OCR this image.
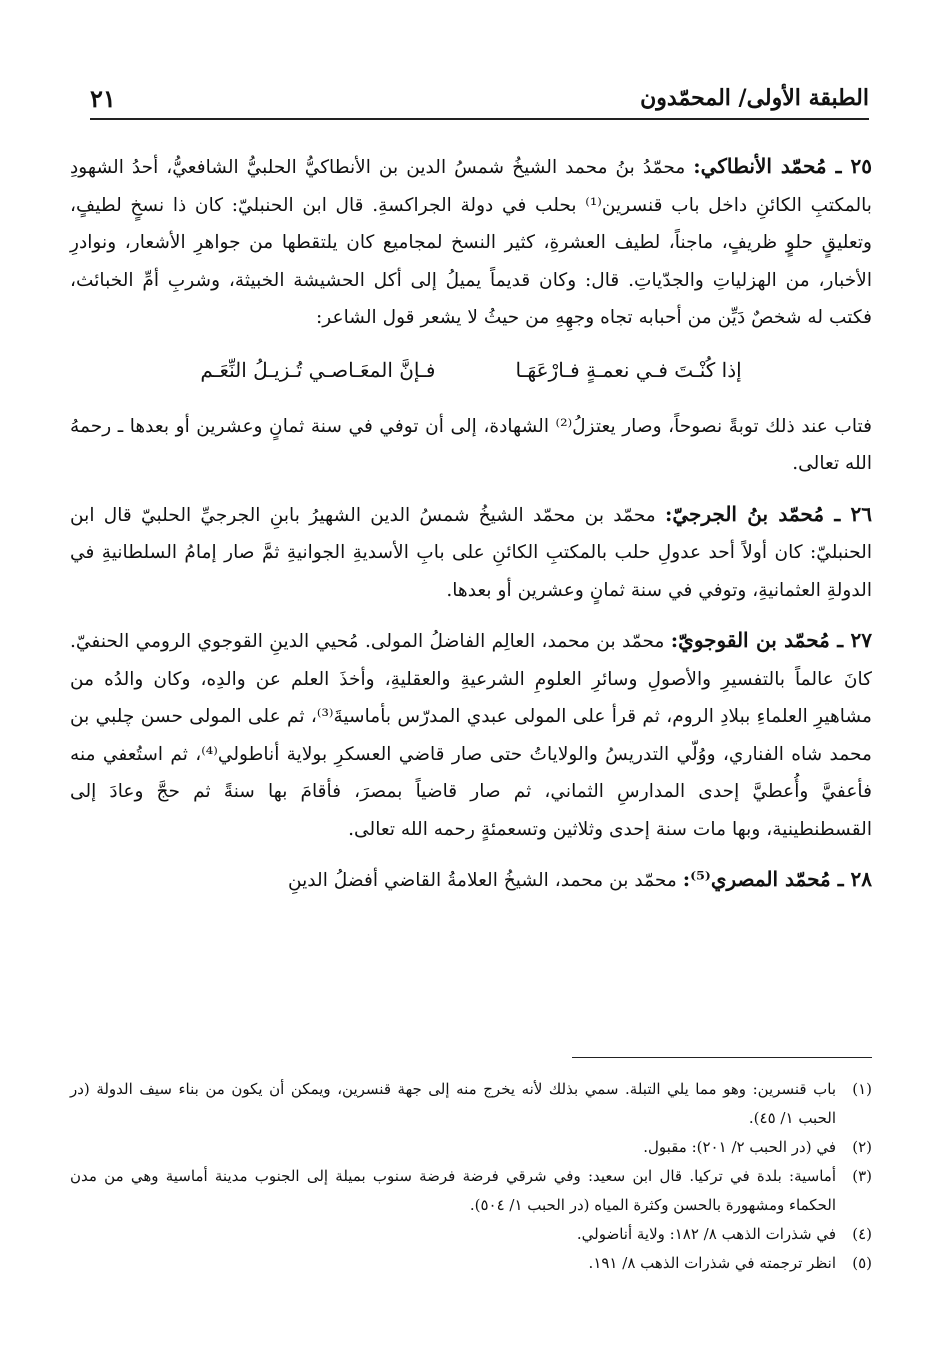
الطبقة الأولى/ المحمّدون
٢١

٢٥ ـ مُحمّد الأنطاكي: محمّدُ بنُ محمد الشيخُ شمسُ الدين بن الأنطاكيُّ الحلبيُّ الشافعيُّ، أحدُ الشهودِ بالمكتبِ الكائنِ داخل باب قنسرين⁽¹⁾ بحلب في دولة الجراكسةِ. قال ابن الحنبليّ: كان ذا نسخٍ لطيفٍ، وتعليقٍ حلوٍ ظريفٍ، ماجناً، لطيف العشرةِ، كثير النسخ لمجاميع كان يلتقطها من جواهرِ الأشعار، ونوادرِ الأخبار، من الهزلياتِ والجدّياتِ. قال: وكان قديماً يميلُ إلى أكل الحشيشة الخبيثة، وشربِ أمِّ الخبائث، فكتب له شخصٌ دَيِّن من أحبابه تجاه وجهِهِ من حيثُ لا يشعر قول الشاعر:

إذا كُنْـتَ فـي نعمـةٍ فـارْعَهَـا
فـإنَّ المعَـاصـي تُـزيـلُ النِّعَـم

فتاب عند ذلك توبةً نصوحاً، وصار يعتزلُ⁽²⁾ الشهادة، إلى أن توفي في سنة ثمانٍ وعشرين أو بعدها ـ رحمهُ الله تعالى.

٢٦ ـ مُحمّد بنُ الجرجيّ: محمّد بن محمّد الشيخُ شمسُ الدين الشهيرُ بابنِ الجرجيِّ الحلبيّ قال ابن الحنبليّ: كان أولاً أحد عدولِ حلب بالمكتبِ الكائنِ على بابِ الأسديةِ الجوانيةِ ثمَّ صار إمامُ السلطانيةِ في الدولةِ العثمانيةِ، وتوفي في سنة ثمانٍ وعشرين أو بعدها.

٢٧ ـ مُحمّد بن القوجويّ: محمّد بن محمد، العالِم الفاضلُ المولى. مُحيي الدينِ القوجوي الرومي الحنفيّ. كانَ عالماً بالتفسيرِ والأصولِ وسائرِ العلومِ الشرعيةِ والعقليةِ، وأخذَ العلم عن والدِه، وكان والدُه من مشاهيرِ العلماءِ ببلادِ الروم، ثم قرأ على المولى عبدي المدرّس بأماسيةَ⁽³⁾، ثم على المولى حسن چلبي بن محمد شاه الفناري، ووُلّي التدريسُ والولاياتُ حتى صار قاضي العسكرِ بولاية أناطولي⁽⁴⁾، ثم استُعفي منه فأعفيَّ وأُعطيَّ إحدى المدارسِ الثماني، ثم صار قاضياً بمصرَ، فأقامَ بها سنةً ثم حجَّ وعادَ إلى القسطنطينية، وبها مات سنة إحدى وثلاثين وتسعمئةٍ رحمه الله تعالى.

٢٨ ـ مُحمّد المصري⁽⁵⁾: محمّد بن محمد، الشيخُ العلامةُ القاضي أفضلُ الدينِ

(١)
باب قنسرين: وهو مما يلي التبلة. سمي بذلك لأنه يخرج منه إلى جهة قنسرين، ويمكن أن يكون من بناء سيف الدولة (در الحبب ١/ ٤٥).
(٢)
في (در الحبب ٢/ ٢٠١): مقبول.
(٣)
أماسية: بلدة في تركيا. قال ابن سعيد: وفي شرقي فرضة فرضة سنوب بميلة إلى الجنوب مدينة أماسية وهي من مدن الحكماء ومشهورة بالحسن وكثرة المياه (در الحبب ١/ ٥٠٤).
(٤)
في شذرات الذهب ٨/ ١٨٢: ولاية أناضولي.
(٥)
انظر ترجمته في شذرات الذهب ٨/ ١٩١.
